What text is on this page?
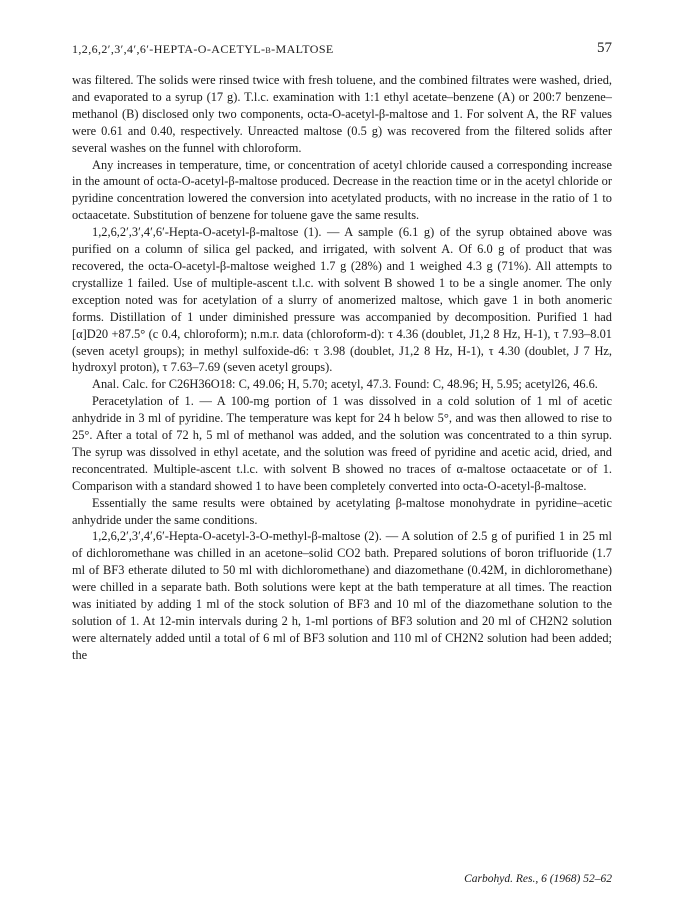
1,2,6,2′,3′,4′,6′-HEPTA-O-ACETYL-β-MALTOSE	57

was filtered. The solids were rinsed twice with fresh toluene, and the combined filtrates were washed, dried, and evaporated to a syrup (17 g). T.l.c. examination with 1:1 ethyl acetate–benzene (A) or 200:7 benzene–methanol (B) disclosed only two components, octa-O-acetyl-β-maltose and 1. For solvent A, the RF values were 0.61 and 0.40, respectively. Unreacted maltose (0.5 g) was recovered from the filtered solids after several washes on the funnel with chloroform.

Any increases in temperature, time, or concentration of acetyl chloride caused a corresponding increase in the amount of octa-O-acetyl-β-maltose produced. Decrease in the reaction time or in the acetyl chloride or pyridine concentration lowered the conversion into acetylated products, with no increase in the ratio of 1 to octaacetate. Substitution of benzene for toluene gave the same results.

1,2,6,2′,3′,4′,6′-Hepta-O-acetyl-β-maltose (1). — A sample (6.1 g) of the syrup obtained above was purified on a column of silica gel packed, and irrigated, with solvent A. Of 6.0 g of product that was recovered, the octa-O-acetyl-β-maltose weighed 1.7 g (28%) and 1 weighed 4.3 g (71%). All attempts to crystallize 1 failed. Use of multiple-ascent t.l.c. with solvent B showed 1 to be a single anomer. The only exception noted was for acetylation of a slurry of anomerized maltose, which gave 1 in both anomeric forms. Distillation of 1 under diminished pressure was accompanied by decomposition. Purified 1 had [α]D20 +87.5° (c 0.4, chloroform); n.m.r. data (chloroform-d): τ 4.36 (doublet, J1,2 8 Hz, H-1), τ 7.93–8.01 (seven acetyl groups); in methyl sulfoxide-d6: τ 3.98 (doublet, J1,2 8 Hz, H-1), τ 4.30 (doublet, J 7 Hz, hydroxyl proton), τ 7.63–7.69 (seven acetyl groups).

Anal. Calc. for C26H36O18: C, 49.06; H, 5.70; acetyl, 47.3. Found: C, 48.96; H, 5.95; acetyl26, 46.6.

Peracetylation of 1. — A 100-mg portion of 1 was dissolved in a cold solution of 1 ml of acetic anhydride in 3 ml of pyridine. The temperature was kept for 24 h below 5°, and was then allowed to rise to 25°. After a total of 72 h, 5 ml of methanol was added, and the solution was concentrated to a thin syrup. The syrup was dissolved in ethyl acetate, and the solution was freed of pyridine and acetic acid, dried, and reconcentrated. Multiple-ascent t.l.c. with solvent B showed no traces of α-maltose octaacetate or of 1. Comparison with a standard showed 1 to have been completely converted into octa-O-acetyl-β-maltose.

Essentially the same results were obtained by acetylating β-maltose monohydrate in pyridine–acetic anhydride under the same conditions.

1,2,6,2′,3′,4′,6′-Hepta-O-acetyl-3-O-methyl-β-maltose (2). — A solution of 2.5 g of purified 1 in 25 ml of dichloromethane was chilled in an acetone–solid CO2 bath. Prepared solutions of boron trifluoride (1.7 ml of BF3 etherate diluted to 50 ml with dichloromethane) and diazomethane (0.42M, in dichloromethane) were chilled in a separate bath. Both solutions were kept at the bath temperature at all times. The reaction was initiated by adding 1 ml of the stock solution of BF3 and 10 ml of the diazomethane solution to the solution of 1. At 12-min intervals during 2 h, 1-ml portions of BF3 solution and 20 ml of CH2N2 solution were alternately added until a total of 6 ml of BF3 solution and 110 ml of CH2N2 solution had been added; the

Carbohyd. Res., 6 (1968) 52–62
